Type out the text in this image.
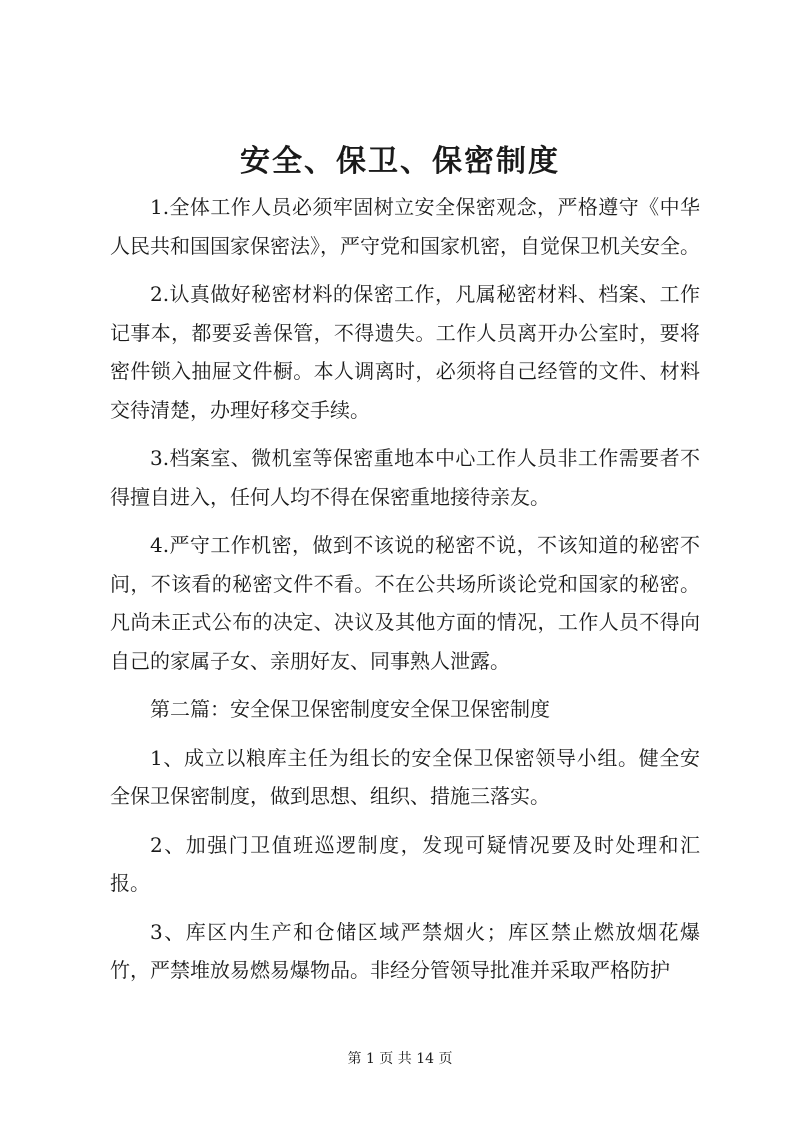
安全、保卫、保密制度

1.全体工作人员必须牢固树立安全保密观念，严格遵守《中华人民共和国国家保密法》，严守党和国家机密，自觉保卫机关安全。

2.认真做好秘密材料的保密工作，凡属秘密材料、档案、工作记事本，都要妥善保管，不得遗失。工作人员离开办公室时，要将密件锁入抽屉文件橱。本人调离时，必须将自己经管的文件、材料交待清楚，办理好移交手续。

3.档案室、微机室等保密重地本中心工作人员非工作需要者不得擅自进入，任何人均不得在保密重地接待亲友。

4.严守工作机密，做到不该说的秘密不说，不该知道的秘密不问，不该看的秘密文件不看。不在公共场所谈论党和国家的秘密。凡尚未正式公布的决定、决议及其他方面的情况，工作人员不得向自己的家属子女、亲朋好友、同事熟人泄露。

第二篇：安全保卫保密制度安全保卫保密制度

1、成立以粮库主任为组长的安全保卫保密领导小组。健全安全保卫保密制度，做到思想、组织、措施三落实。

2、加强门卫值班巡逻制度，发现可疑情况要及时处理和汇报。

3、库区内生产和仓储区域严禁烟火；库区禁止燃放烟花爆竹，严禁堆放易燃易爆物品。非经分管领导批准并采取严格防护

第 1 页 共 14 页
